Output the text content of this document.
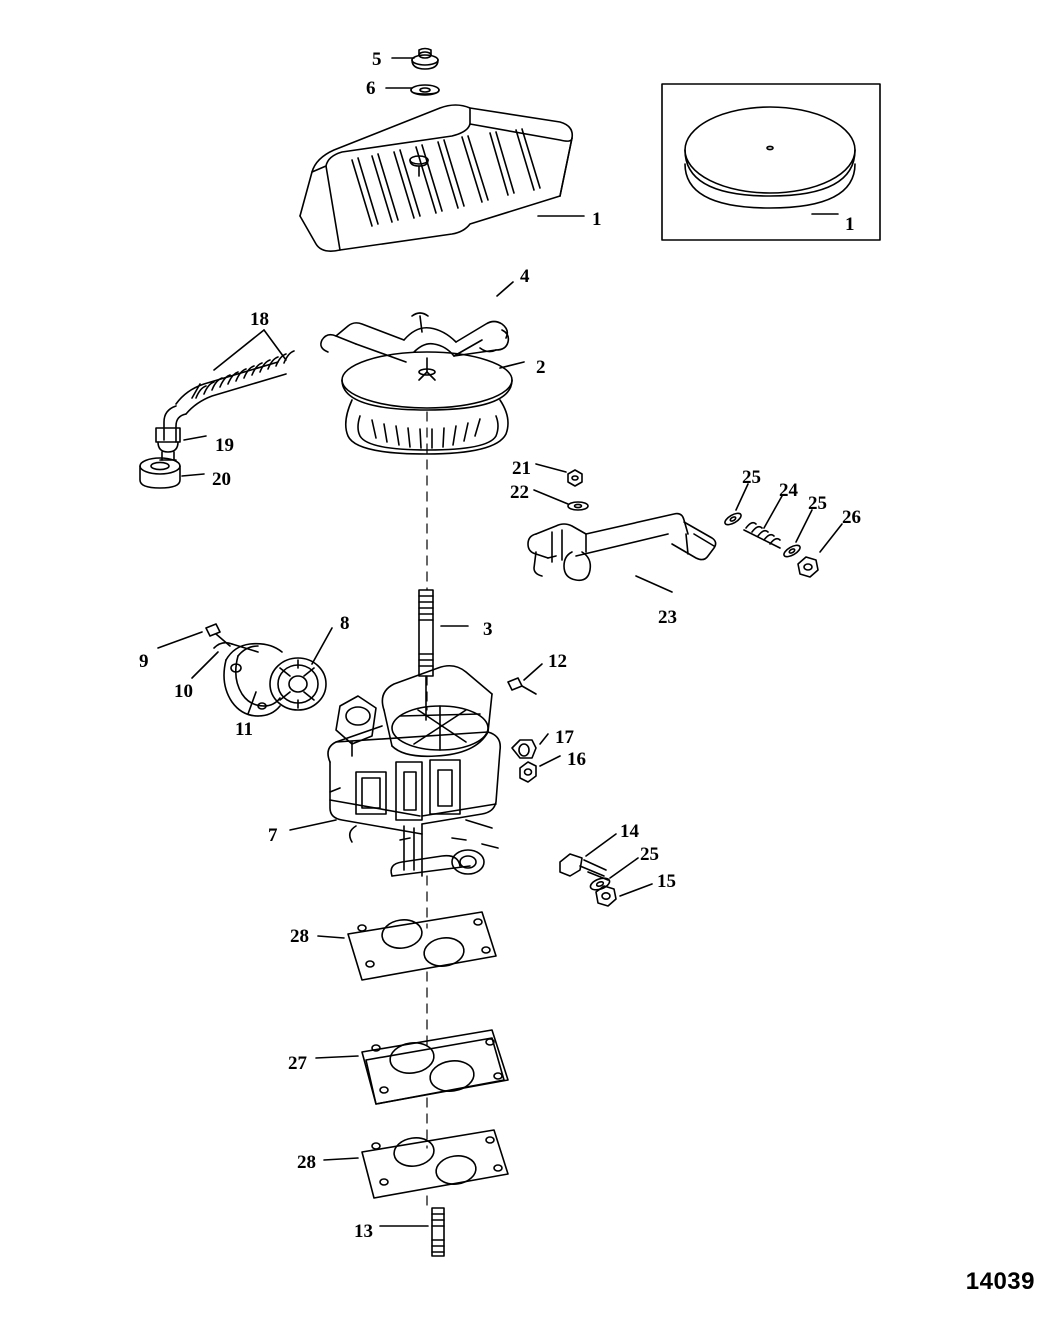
5
6
1	1
4
18
2
19
20
21
22
25
24
25
26
23
3
8
9
10
11
12
17
16
7	14
25
15
28
27
28
13
14039
